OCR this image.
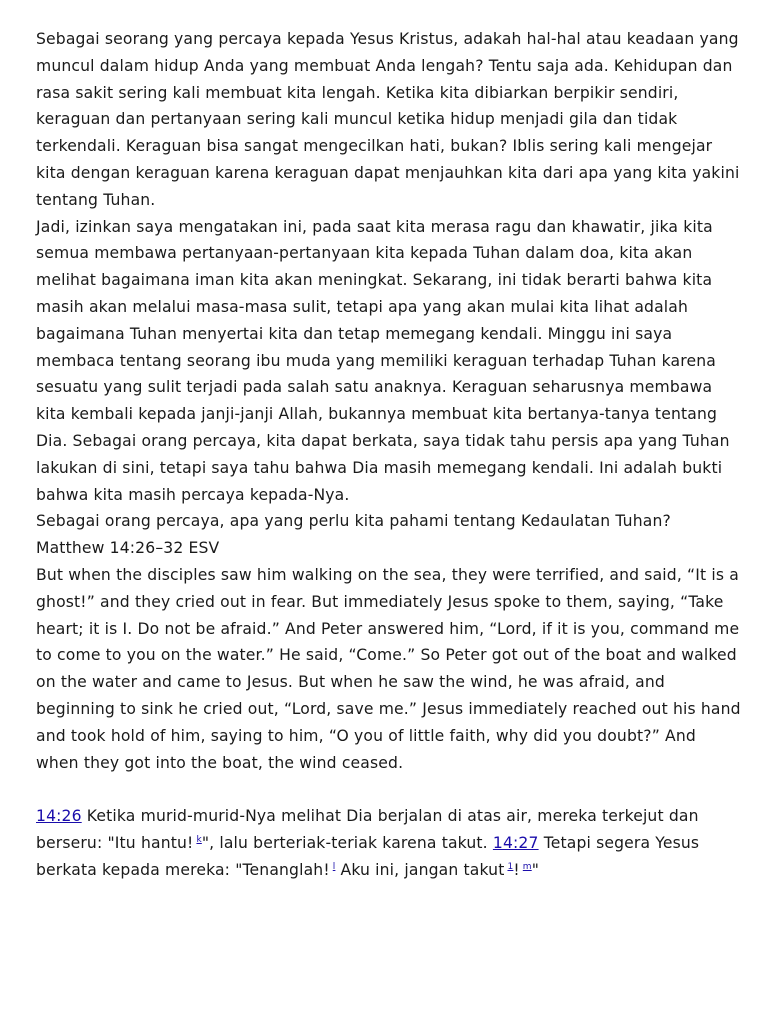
Sebagai seorang yang percaya kepada Yesus Kristus, adakah hal-hal atau keadaan yang muncul dalam hidup Anda yang membuat Anda lengah? Tentu saja ada. Kehidupan dan rasa sakit sering kali membuat kita lengah. Ketika kita dibiarkan berpikir sendiri, keraguan dan pertanyaan sering kali muncul ketika hidup menjadi gila dan tidak terkendali. Keraguan bisa sangat mengecilkan hati, bukan? Iblis sering kali mengejar kita dengan keraguan karena keraguan dapat menjauhkan kita dari apa yang kita yakini tentang Tuhan.

Jadi, izinkan saya mengatakan ini, pada saat kita merasa ragu dan khawatir, jika kita semua membawa pertanyaan-pertanyaan kita kepada Tuhan dalam doa, kita akan melihat bagaimana iman kita akan meningkat. Sekarang, ini tidak berarti bahwa kita masih akan melalui masa-masa sulit, tetapi apa yang akan mulai kita lihat adalah bagaimana Tuhan menyertai kita dan tetap memegang kendali. Minggu ini saya membaca tentang seorang ibu muda yang memiliki keraguan terhadap Tuhan karena sesuatu yang sulit terjadi pada salah satu anaknya. Keraguan seharusnya membawa kita kembali kepada janji-janji Allah, bukannya membuat kita bertanya-tanya tentang Dia. Sebagai orang percaya, kita dapat berkata, saya tidak tahu persis apa yang Tuhan lakukan di sini, tetapi saya tahu bahwa Dia masih memegang kendali. Ini adalah bukti bahwa kita masih percaya kepada-Nya.

Sebagai orang percaya, apa yang perlu kita pahami tentang Kedaulatan Tuhan?

Matthew 14:26–32 ESV

But when the disciples saw him walking on the sea, they were terrified, and said, “It is a ghost!” and they cried out in fear. But immediately Jesus spoke to them, saying, “Take heart; it is I. Do not be afraid.” And Peter answered him, “Lord, if it is you, command me to come to you on the water.” He said, “Come.” So Peter got out of the boat and walked on the water and came to Jesus. But when he saw the wind, he was afraid, and beginning to sink he cried out, “Lord, save me.” Jesus immediately reached out his hand and took hold of him, saying to him, “O you of little faith, why did you doubt?” And when they got into the boat, the wind ceased.

14:26 Ketika murid-murid-Nya melihat Dia berjalan di atas air, mereka terkejut dan berseru: "Itu hantu! $^k$", lalu berteriak-teriak karena takut. 14:27 Tetapi segera Yesus berkata kepada mereka: "Tenanglah! $^l$ Aku ini, jangan takut $^1$! $^m$"
